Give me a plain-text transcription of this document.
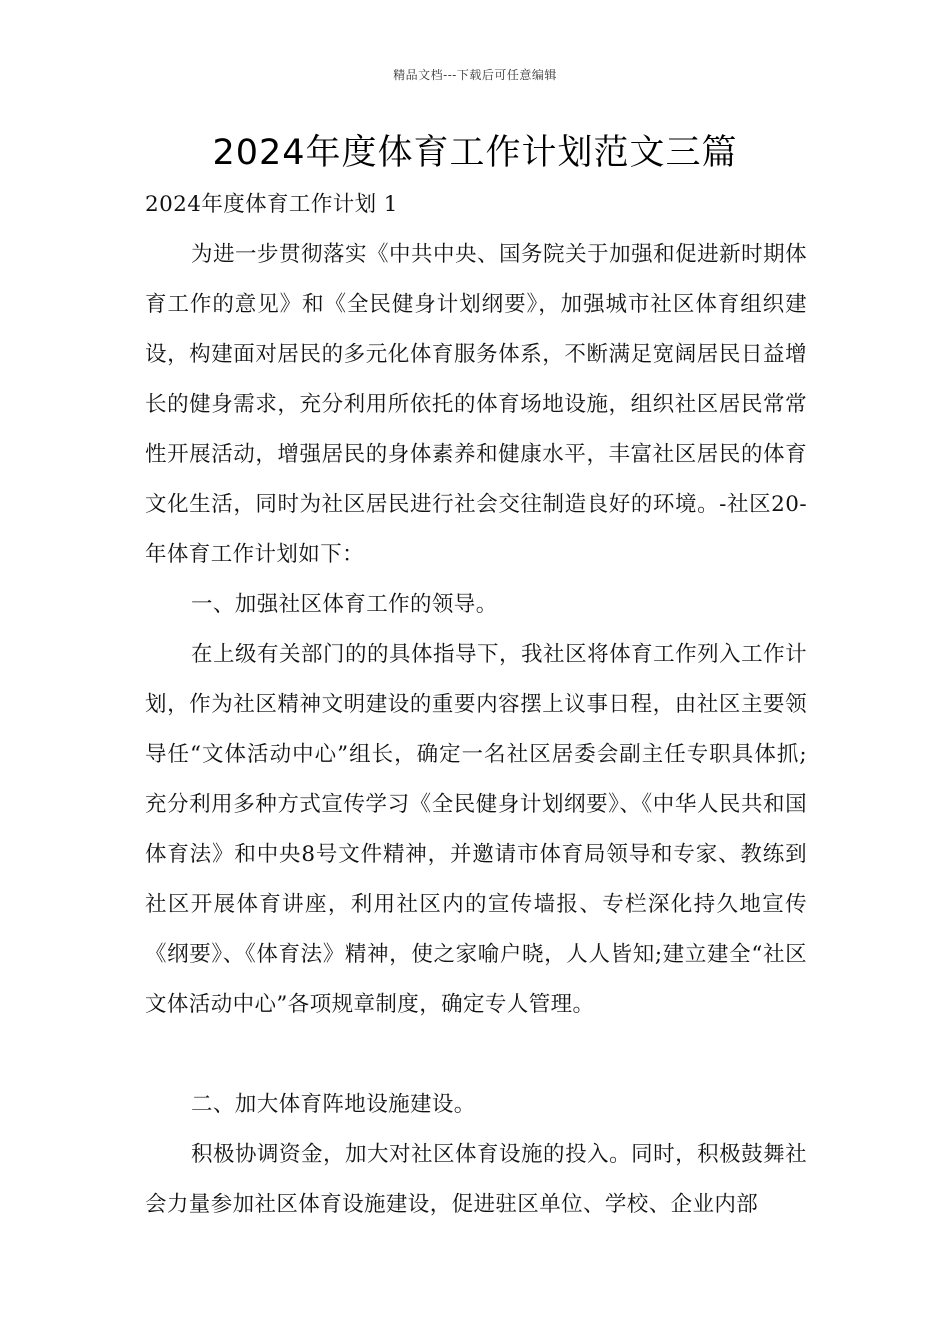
精品文档---下载后可任意编辑
2024年度体育工作计划范文三篇

2024年度体育工作计划 1

为进一步贯彻落实《中共中央、国务院关于加强和促进新时期体育工作的意见》和《全民健身计划纲要》，加强城市社区体育组织建设，构建面对居民的多元化体育服务体系，不断满足宽阔居民日益增长的健身需求，充分利用所依托的体育场地设施，组织社区居民常常性开展活动，增强居民的身体素养和健康水平，丰富社区居民的体育文化生活，同时为社区居民进行社会交往制造良好的环境。-社区20-年体育工作计划如下：

一、加强社区体育工作的领导。

在上级有关部门的的具体指导下，我社区将体育工作列入工作计划，作为社区精神文明建设的重要内容摆上议事日程，由社区主要领导任“文体活动中心”组长，确定一名社区居委会副主任专职具体抓;充分利用多种方式宣传学习《全民健身计划纲要》、《中华人民共和国体育法》和中央8号文件精神，并邀请市体育局领导和专家、教练到社区开展体育讲座，利用社区内的宣传墙报、专栏深化持久地宣传《纲要》、《体育法》精神，使之家喻户晓，人人皆知;建立建全“社区文体活动中心”各项规章制度，确定专人管理。

二、加大体育阵地设施建设。

积极协调资金，加大对社区体育设施的投入。同时，积极鼓舞社会力量参加社区体育设施建设，促进驻区单位、学校、企业内部
